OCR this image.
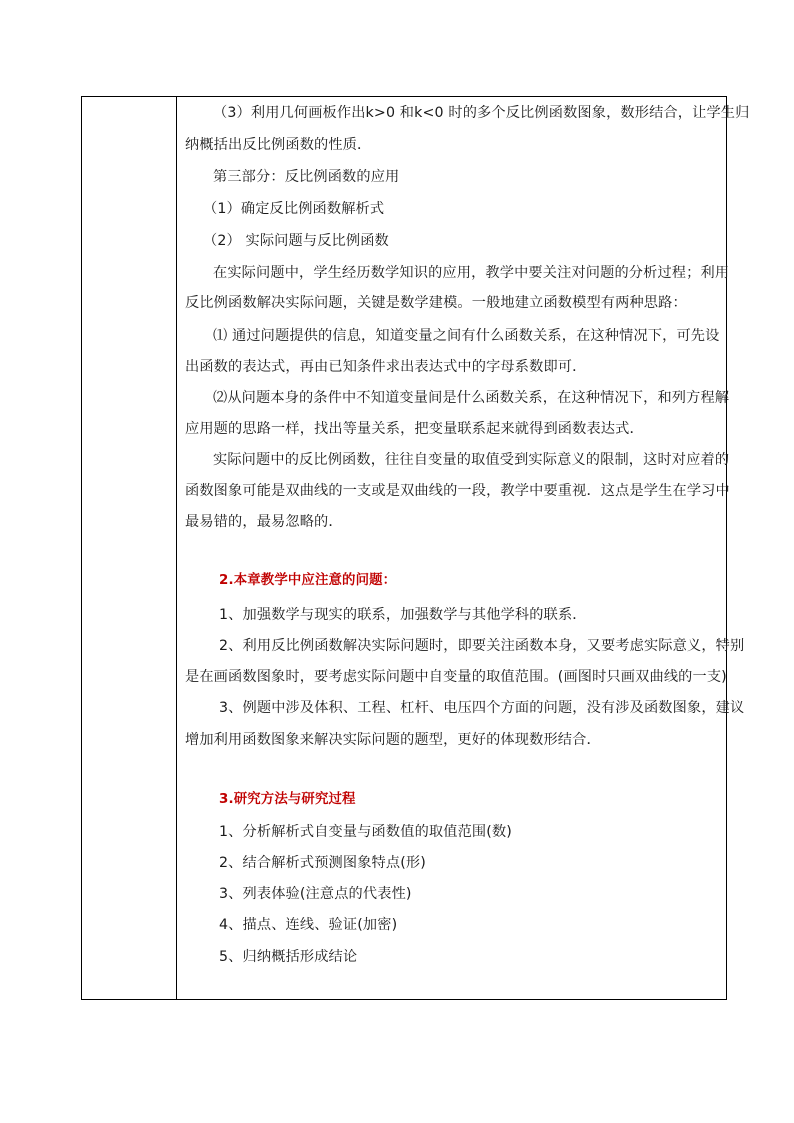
（3）利用几何画板作出k>0 和k<0 时的多个反比例函数图象，数形结合，让学生归
纳概括出反比例函数的性质．
第三部分：反比例函数的应用
（1）确定反比例函数解析式
（2） 实际问题与反比例函数
在实际问题中，学生经历数学知识的应用，教学中要关注对问题的分析过程；利用
反比例函数解决实际问题，关键是数学建模。一般地建立函数模型有两种思路：
⑴ 通过问题提供的信息，知道变量之间有什么函数关系，在这种情况下，可先设
出函数的表达式，再由已知条件求出表达式中的字母系数即可．
⑵从问题本身的条件中不知道变量间是什么函数关系，在这种情况下，和列方程解
应用题的思路一样，找出等量关系，把变量联系起来就得到函数表达式．
实际问题中的反比例函数，往往自变量的取值受到实际意义的限制，这时对应着的
函数图象可能是双曲线的一支或是双曲线的一段，教学中要重视．这点是学生在学习中
最易错的，最易忽略的．
2.本章教学中应注意的问题：
1、加强数学与现实的联系，加强数学与其他学科的联系．
2、利用反比例函数解决实际问题时，即要关注函数本身，又要考虑实际意义，特别
是在画函数图象时，要考虑实际问题中自变量的取值范围。(画图时只画双曲线的一支)
3、例题中涉及体积、工程、杠杆、电压四个方面的问题，没有涉及函数图象，建议
增加利用函数图象来解决实际问题的题型，更好的体现数形结合．
3.研究方法与研究过程
1、分析解析式自变量与函数值的取值范围(数)
2、结合解析式预测图象特点(形)
3、列表体验(注意点的代表性)
4、描点、连线、验证(加密)
5、归纳概括形成结论
